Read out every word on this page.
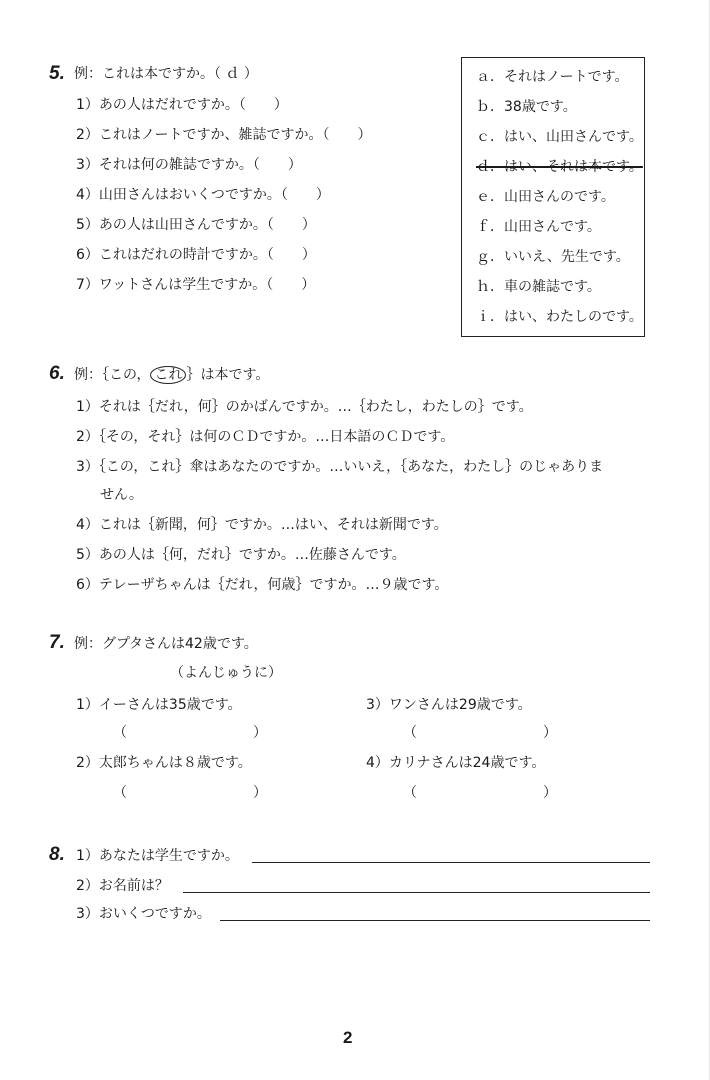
5. 例：これは本ですか。（ ｄ ）
1）あの人はだれですか。（　　）
2）これはノートですか、雑誌ですか。（　　）
3）それは何の雑誌ですか。（　　）
4）山田さんはおいくつですか。（　　）
5）あの人は山田さんですか。（　　）
6）これはだれの時計ですか。（　　）
7）ワットさんは学生ですか。（　　）
ａ．それはノートです。
ｂ．38歳です。
ｃ．はい、山田さんです。
ｄ．はい、それは本です。
ｅ．山田さんのです。
ｆ．山田さんです。
ｇ．いいえ、先生です。
ｈ．車の雑誌です。
ｉ．はい、わたしのです。
6. 例：｛この， これ ｝は本です。
1）それは｛だれ，何｝のかばんですか。…｛わたし，わたしの｝です。
2）｛その，それ｝は何のＣＤですか。…日本語のＣＤです。
3）｛この，これ｝傘はあなたのですか。…いいえ，｛あなた，わたし｝のじゃありま
せん。
4）これは｛新聞，何｝ですか。…はい、それは新聞です。
5）あの人は｛何，だれ｝ですか。…佐藤さんです。
6）テレーザちゃんは｛だれ，何歳｝ですか。…９歳です。
7. 例：グプタさんは42歳です。
（よんじゅうに）
1）イーさんは35歳です。
（　　　　　　　　　）
2）太郎ちゃんは８歳です。
（　　　　　　　　　）
3）ワンさんは29歳です。
（　　　　　　　　　）
4）カリナさんは24歳です。
（　　　　　　　　　）
8. 1）あなたは学生ですか。
2）お名前は？
3）おいくつですか。
2
